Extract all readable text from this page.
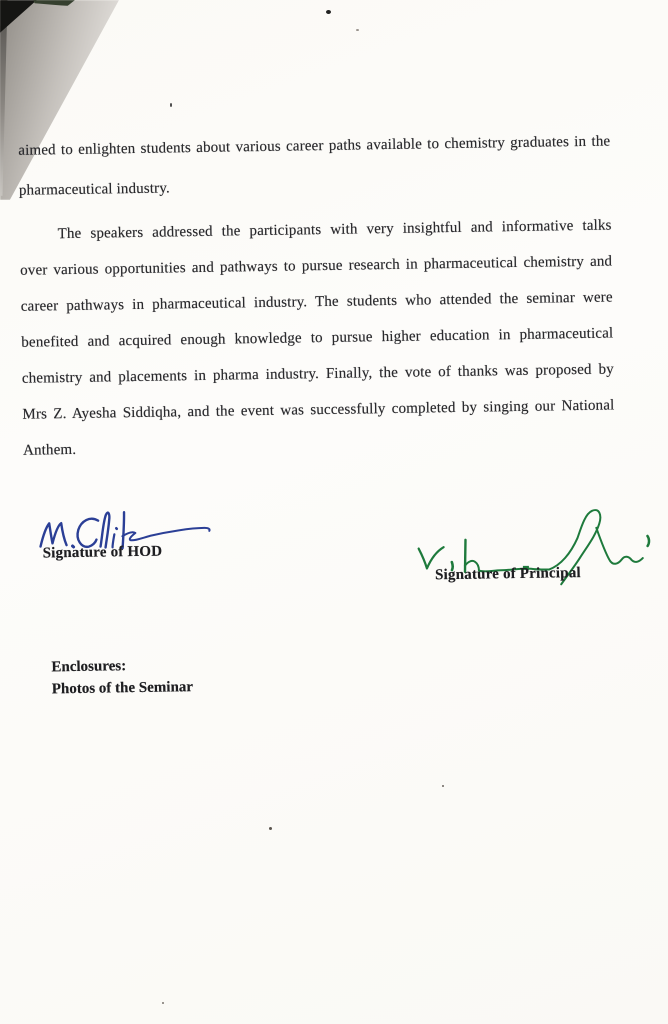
aimed to enlighten students about various career paths available to chemistry graduates in the
pharmaceutical industry.
The speakers addressed the participants with very insightful and informative talks
over various opportunities and pathways to pursue research in pharmaceutical chemistry and
career pathways in pharmaceutical industry. The students who attended the seminar were
benefited and acquired enough knowledge to pursue higher education in pharmaceutical
chemistry and placements in pharma industry. Finally, the vote of thanks was proposed by
Mrs Z. Ayesha Siddiqha, and the event was successfully completed by singing our National
Anthem.
Signature of HOD
Signature of Principal
Enclosures:
Photos of the Seminar
